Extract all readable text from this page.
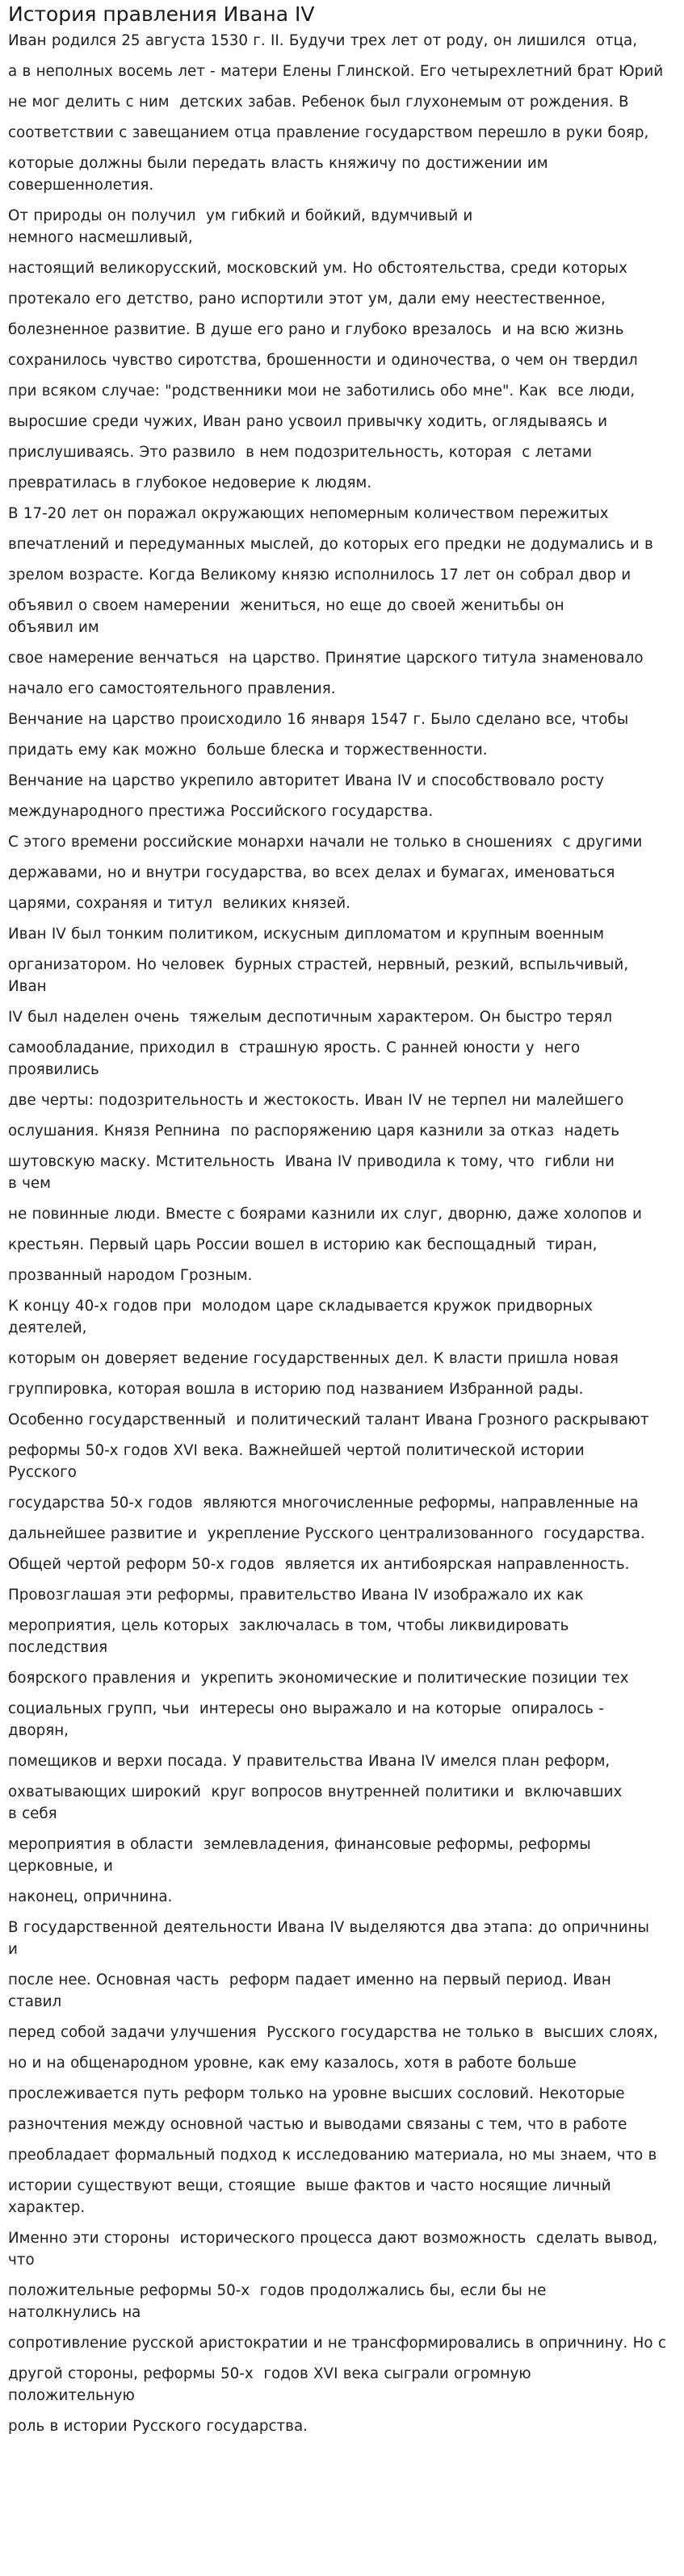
История правления Ивана IV
Иван родился 25 августа 1530 г. II. Будучи трех лет от роду, он лишился  отца,
а в неполных восемь лет - матери Елены Глинской. Его четырехлетний брат Юрий
не мог делить с ним  детских забав. Ребенок был глухонемым от рождения. В
соответствии с завещанием отца правление государством перешло в руки бояр,
которые должны были передать власть княжичу по достижении им
совершеннолетия.
От природы он получил  ум гибкий и бойкий, вдумчивый и
немного насмешливый,
настоящий великорусский, московский ум. Но обстоятельства, среди которых
протекало его детство, рано испортили этот ум, дали ему неестественное,
болезненное развитие. В душе его рано и глубоко врезалось  и на всю жизнь
сохранилось чувство сиротства, брошенности и одиночества, о чем он твердил
при всяком случае: "родственники мои не заботились обо мне". Как  все люди,
выросшие среди чужих, Иван рано усвоил привычку ходить, оглядываясь и
прислушиваясь. Это развило  в нем подозрительность, которая  с летами
превратилась в глубокое недоверие к людям.
В 17-20 лет он поражал окружающих непомерным количеством пережитых
впечатлений и передуманных мыслей, до которых его предки не додумались и в
зрелом возрасте. Когда Великому князю исполнилось 17 лет он собрал двор и
объявил о своем намерении  жениться, но еще до своей женитьбы он
объявил им
свое намерение венчаться  на царство. Принятие царского титула знаменовало
начало его самостоятельного правления.
Венчание на царство происходило 16 января 1547 г. Было сделано все, чтобы
придать ему как можно  больше блеска и торжественности.
Венчание на царство укрепило авторитет Ивана IV и способствовало росту
международного престижа Российского государства.
С этого времени российские монархи начали не только в сношениях  с другими
державами, но и внутри государства, во всех делах и бумагах, именоваться
царями, сохраняя и титул  великих князей.
Иван IV был тонким политиком, искусным дипломатом и крупным военным
организатором. Но человек  бурных страстей, нервный, резкий, вспыльчивый,
Иван
IV был наделен очень  тяжелым деспотичным характером. Он быстро терял
самообладание, приходил в  страшную ярость. С ранней юности у  него
проявились
две черты: подозрительность и жестокость. Иван IV не терпел ни малейшего
ослушания. Князя Репнина  по распоряжению царя казнили за отказ  надеть
шутовскую маску. Мстительность  Ивана IV приводила к тому, что  гибли ни
в чем
не повинные люди. Вместе с боярами казнили их слуг, дворню, даже холопов и
крестьян. Первый царь России вошел в историю как беспощадный  тиран,
прозванный народом Грозным.
К концу 40-х годов при  молодом царе складывается кружок придворных
деятелей,
которым он доверяет ведение государственных дел. К власти пришла новая
группировка, которая вошла в историю под названием Избранной рады.
Особенно государственный  и политический талант Ивана Грозного раскрывают
реформы 50-х годов XVI века. Важнейшей чертой политической истории
Русского
государства 50-х годов  являются многочисленные реформы, направленные на
дальнейшее развитие и  укрепление Русского централизованного  государства.
Общей чертой реформ 50-х годов  является их антибоярская направленность.
Провозглашая эти реформы, правительство Ивана IV изображало их как
мероприятия, цель которых  заключалась в том, чтобы ликвидировать
последствия
боярского правления и  укрепить экономические и политические позиции тех
социальных групп, чьи  интересы оно выражало и на которые  опиралось -
дворян,
помещиков и верхи посада. У правительства Ивана IV имелся план реформ,
охватывающих широкий  круг вопросов внутренней политики и  включавших
в себя
мероприятия в области  землевладения, финансовые реформы, реформы
церковные, и
наконец, опричнина.
В государственной деятельности Ивана IV выделяются два этапа: до опричнины
и
после нее. Основная часть  реформ падает именно на первый период. Иван
ставил
перед собой задачи улучшения  Русского государства не только в  высших слоях,
но и на общенародном уровне, как ему казалось, хотя в работе больше
прослеживается путь реформ только на уровне высших сословий. Некоторые
разночтения между основной частью и выводами связаны с тем, что в работе
преобладает формальный подход к исследованию материала, но мы знаем, что в
истории существуют вещи, стоящие  выше фактов и часто носящие личный
характер.
Именно эти стороны  исторического процесса дают возможность  сделать вывод,
что
положительные реформы 50-х  годов продолжались бы, если бы не
натолкнулись на
сопротивление русской аристократии и не трансформировались в опричнину. Но с
другой стороны, реформы 50-х  годов XVI века сыграли огромную
положительную
роль в истории Русского государства.
